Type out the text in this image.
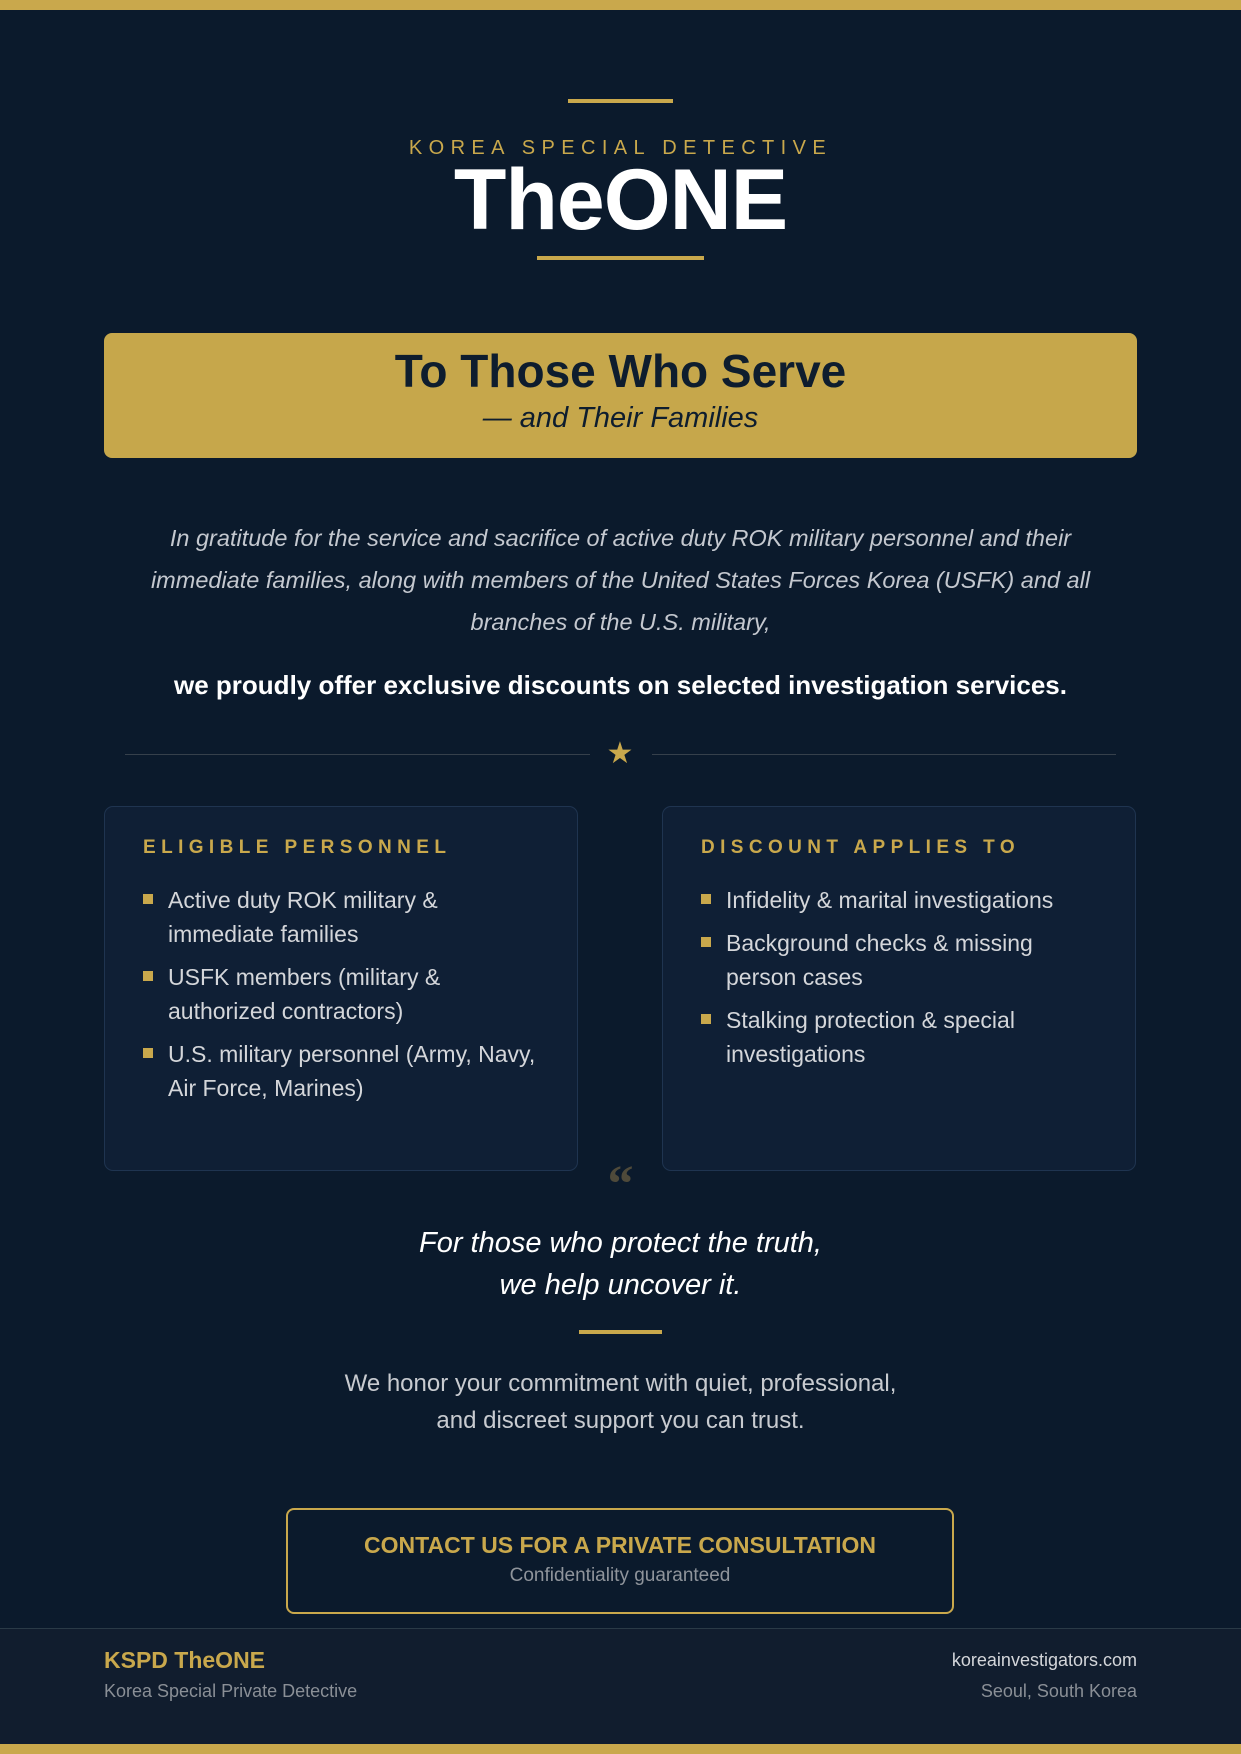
KOREA SPECIAL DETECTIVE
TheONE
To Those Who Serve
— and Their Families

In gratitude for the service and sacrifice of active duty ROK military personnel and their immediate families, along with members of the United States Forces Korea (USFK) and all branches of the U.S. military,

we proudly offer exclusive discounts on selected investigation services.

★
ELIGIBLE PERSONNEL
Active duty ROK military & immediate families
USFK members (military & authorized contractors)
U.S. military personnel (Army, Navy, Air Force, Marines)
DISCOUNT APPLIES TO
Infidelity & marital investigations
Background checks & missing person cases
Stalking protection & special investigations
“
For those who protect the truth,
we help uncover it.
We honor your commitment with quiet, professional,
and discreet support you can trust.
CONTACT US FOR A PRIVATE CONSULTATION
Confidentiality guaranteed
KSPD TheONE
Korea Special Private Detective
koreainvestigators.com
Seoul, South Korea
